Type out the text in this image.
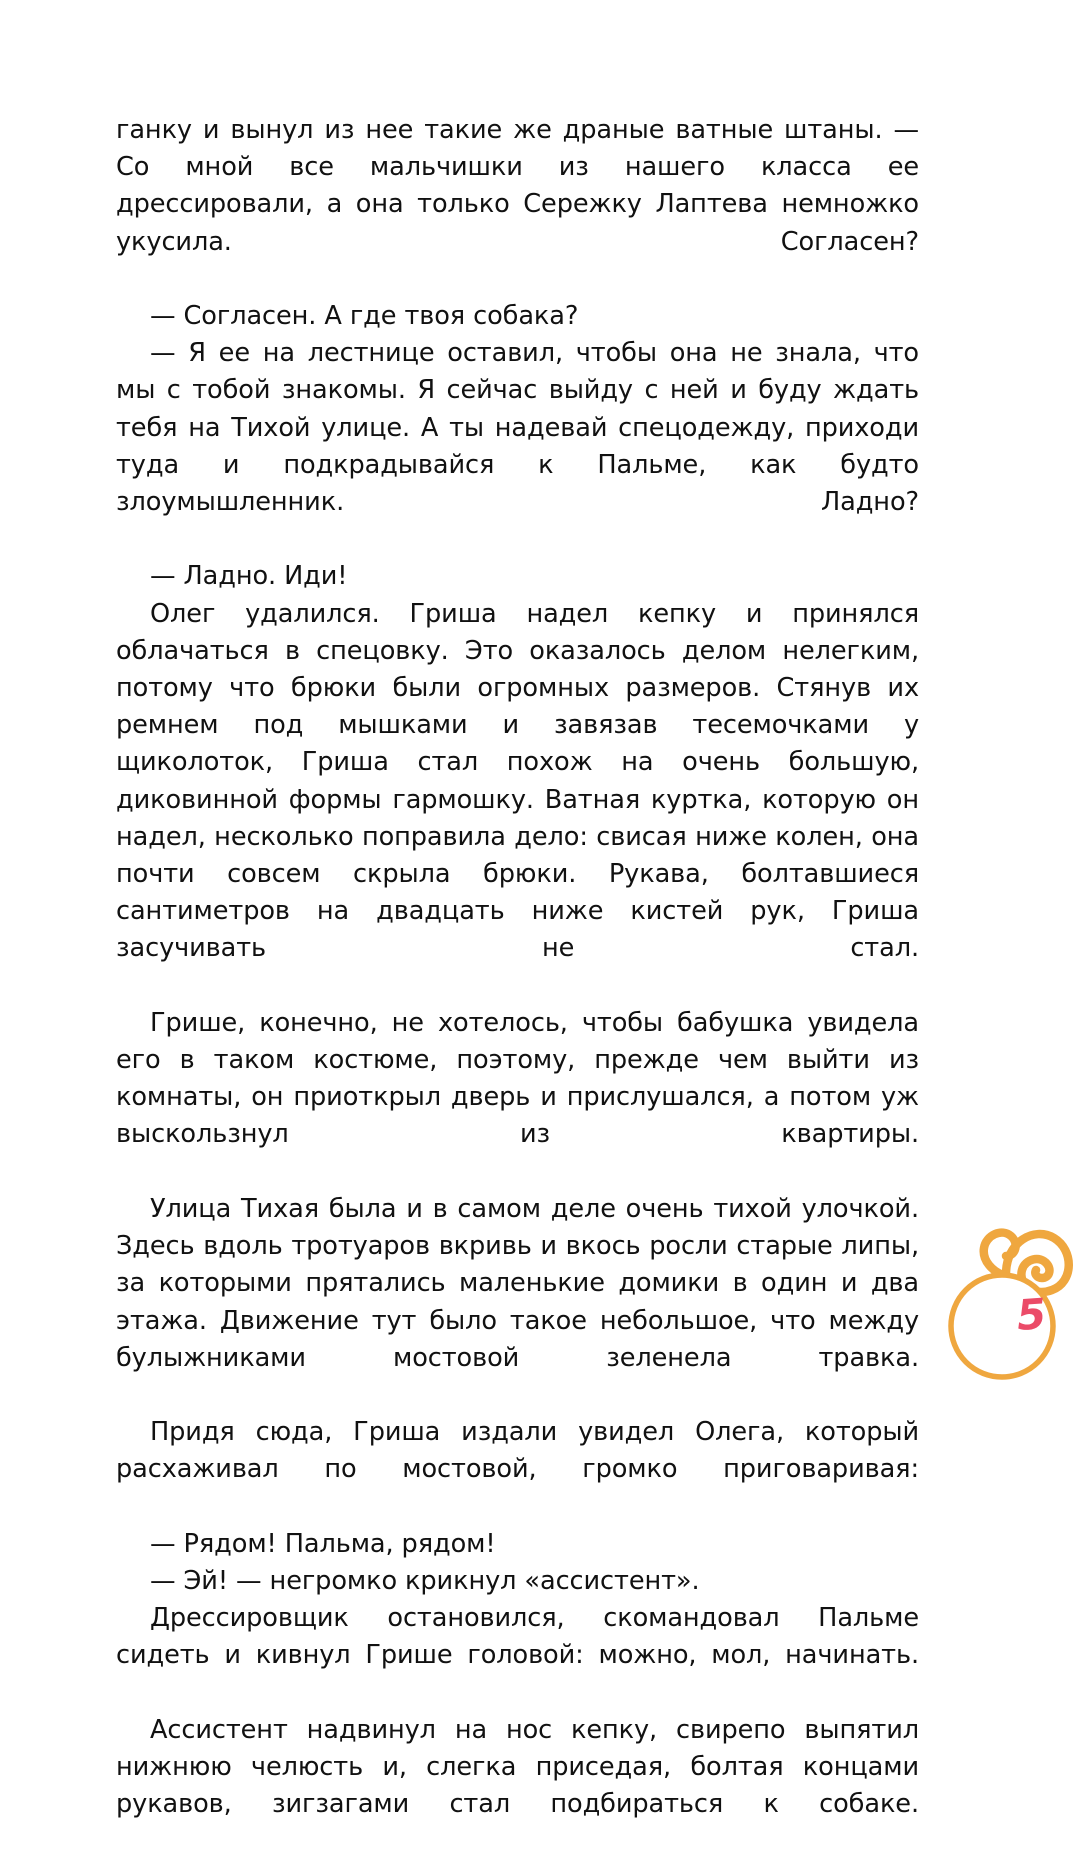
ганку и вынул из нее такие же драные ватные штаны. — Со мной все мальчишки из нашего класса ее дрессировали, а она только Сережку Лаптева немножко укусила. Согласен?

— Согласен. А где твоя собака?

— Я ее на лестнице оставил, чтобы она не знала, что мы с тобой знакомы. Я сейчас выйду с ней и буду ждать тебя на Тихой улице. А ты надевай спецодежду, приходи туда и подкрадывайся к Пальме, как будто злоумышленник. Ладно?

— Ладно. Иди!

Олег удалился. Гриша надел кепку и принялся облачаться в спецовку. Это оказалось делом нелегким, потому что брюки были огромных размеров. Стянув их ремнем под мышками и завязав тесемочками у щиколоток, Гриша стал похож на очень большую, диковинной формы гармошку. Ватная куртка, которую он надел, несколько поправила дело: свисая ниже колен, она почти совсем скрыла брюки. Рукава, болтавшиеся сантиметров на двадцать ниже кистей рук, Гриша засучивать не стал.

Грише, конечно, не хотелось, чтобы бабушка увидела его в таком костюме, поэтому, прежде чем выйти из комнаты, он приоткрыл дверь и прислушался, а потом уж выскользнул из квартиры.

Улица Тихая была и в самом деле очень тихой улочкой. Здесь вдоль тротуаров вкривь и вкось росли старые липы, за которыми прятались маленькие домики в один и два этажа. Движение тут было такое небольшое, что между булыжниками мостовой зеленела травка.

Придя сюда, Гриша издали увидел Олега, который расхаживал по мостовой, громко приговаривая:

— Рядом! Пальма, рядом!

— Эй! — негромко крикнул «ассистент».

Дрессировщик остановился, скомандовал Пальме сидеть и кивнул Грише головой: можно, мол, начинать.

Ассистент надвинул на нос кепку, свирепо выпятил нижнюю челюсть и, слегка приседая, болтая концами рукавов, зигзагами стал подбираться к собаке.

5
